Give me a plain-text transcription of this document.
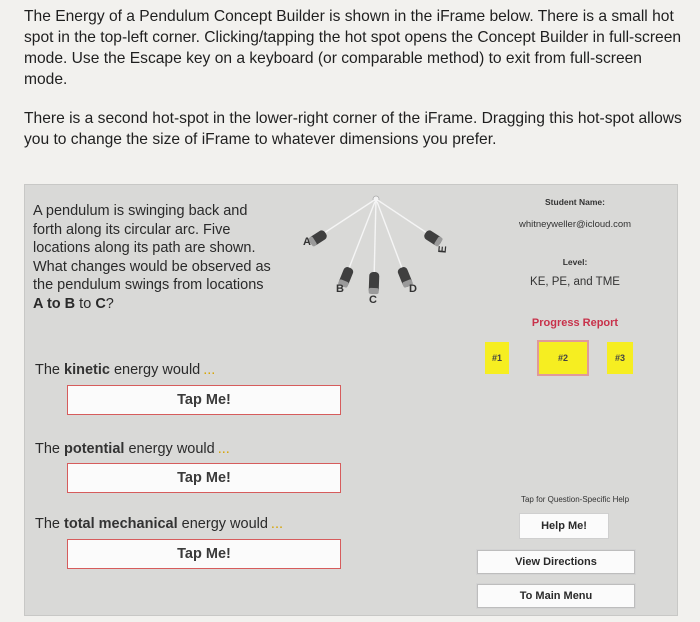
The Energy of a Pendulum Concept Builder is shown in the iFrame below. There is a small hot spot in the top-left corner. Clicking/tapping the hot spot opens the Concept Builder in full-screen mode. Use the Escape key on a keyboard (or comparable method) to exit from full-screen mode.

There is a second hot-spot in the lower-right corner of the iFrame. Dragging this hot-spot allows you to change the size of iFrame to whatever dimensions you prefer.

A pendulum is swinging back and forth along its circular arc. Five locations along its path are shown. What changes would be observed as the pendulum swings from locations A to B to C?
A
B
C
D
E
The kinetic energy would ...
Tap Me!
The potential energy would ...
Tap Me!
The total mechanical energy would ...
Tap Me!
Student Name:
whitneyweller@icloud.com
Level:
KE, PE, and TME
Progress Report
#1	#2	#3
Tap for Question-Specific Help
Help Me!
View Directions
To Main Menu
